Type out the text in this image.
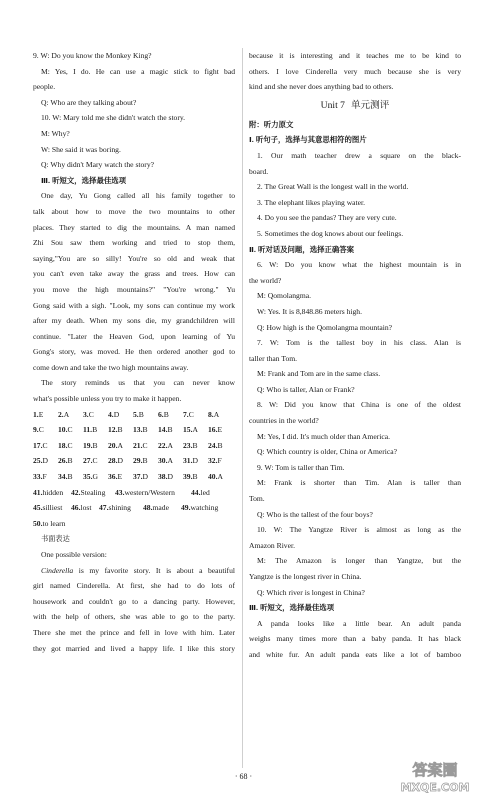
9. W: Do you know the Monkey King?
M: Yes, I do. He can use a magic stick to fight bad
people.
Q: Who are they talking about?
10. W: Mary told me she didn't watch the story.
M: Why?
W: She said it was boring.
Q: Why didn't Mary watch the story?
Ⅲ. 听短文，选择最佳选项
One day, Yu Gong called all his family together to
talk about how to move the two mountains to other
places. They started to dig the mountains. A man named
Zhi Sou saw them working and tried to stop them,
saying,"You are so silly! You're so old and weak that
you can't even take away the grass and trees. How can
you move the high mountains?" "You're wrong." Yu
Gong said with a sigh. "Look, my sons can continue my work
after my death. When my sons die, my grandchildren will
continue. "Later the Heaven God, upon learning of Yu
Gong's story, was moved. He then ordered another god to
come down and take the two high mountains away.
The story reminds us that you can never know
what's possible unless you try to make it happen.
1.E	2.A	3.C	4.D	5.B	6.B	7.C	8.A
9.C	10.C	11.B	12.B	13.B	14.B	15.A	16.E
17.C	18.C	19.B	20.A	21.C	22.A	23.B	24.B
25.D	26.B	27.C	28.D	29.B	30.A	31.D	32.F
33.F	34.B	35.G	36.E	37.D	38.D	39.B	40.A
41.hidden	42.Stealing	43.western/Western	44.led
45.silliest	46.lost 47.shining	48.made	49.watching
50.to learn
书面表达
One possible version:
Cinderella is my favorite story. It is about a beautiful
girl named Cinderella. At first, she had to do lots of
housework and couldn't go to a dancing party. However,
with the help of others, she was able to go to the party.
There she met the prince and fell in love with him. Later
they got married and lived a happy life. I like this story
because it is interesting and it teaches me to be kind to
others. I love Cinderella very much because she is very
kind and she never does anything bad to others.
Unit 7 单元测评
附：听力原文
Ⅰ. 听句子，选择与其意思相符的图片
1. Our math teacher drew a square on the black-
board.
2. The Great Wall is the longest wall in the world.
3. The elephant likes playing water.
4. Do you see the pandas? They are very cute.
5. Sometimes the dog knows about our feelings.
Ⅱ. 听对话及问题，选择正确答案
6. W: Do you know what the highest mountain is in
the world?
M: Qomolangma.
W: Yes. It is 8,848.86 meters high.
Q: How high is the Qomolangma mountain?
7. W: Tom is the tallest boy in his class. Alan is
taller than Tom.
M: Frank and Tom are in the same class.
Q: Who is taller, Alan or Frank?
8. W: Did you know that China is one of the oldest
countries in the world?
M: Yes, I did. It's much older than America.
Q: Which country is older, China or America?
9. W: Tom is taller than Tim.
M: Frank is shorter than Tim. Alan is taller than
Tom.
Q: Who is the tallest of the four boys?
10. W: The Yangtze River is almost as long as the
Amazon River.
M: The Amazon is longer than Yangtze, but the
Yangtze is the longest river in China.
Q: Which river is longest in China?
Ⅲ. 听短文，选择最佳选项
A panda looks like a little bear. An adult panda
weighs many times more than a baby panda. It has black
and white fur. An adult panda eats like a lot of bamboo
· 68 ·	答案圈
MXQE.COM
